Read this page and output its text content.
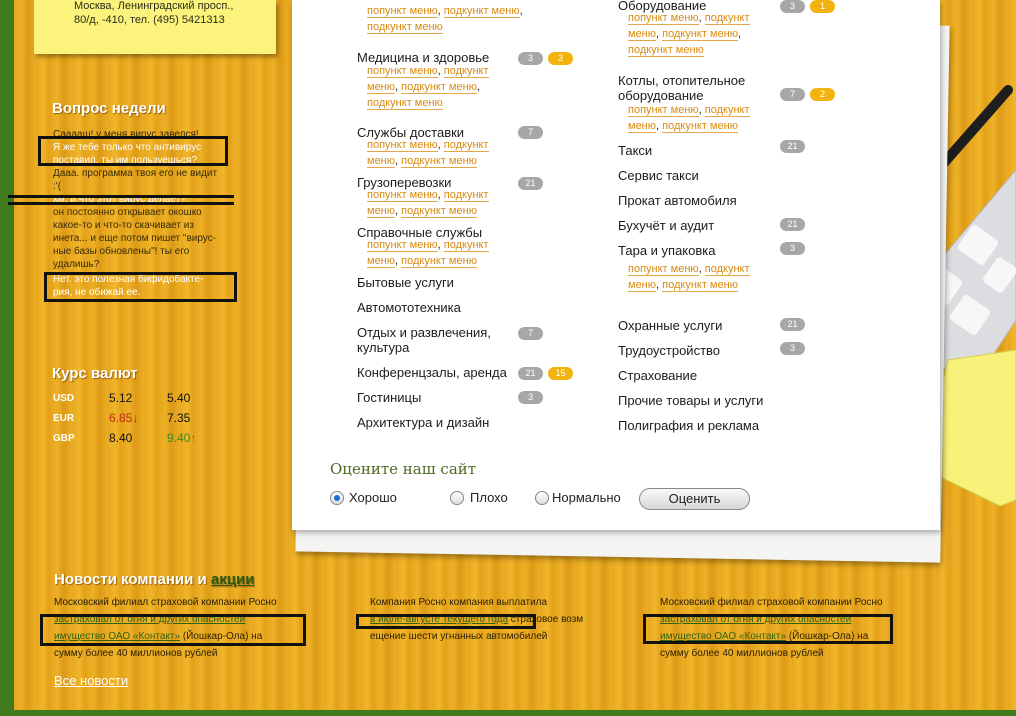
Москва, Ленинградский просп.,
80/д, -410, тел. (495) 5421313
Вопрос недели
Сааааш! у меня вирус завелся!
Я же тебе только что антивирус
поставил. ты им пользуешься?
Дааа. программа твоя его не видит
:'(
хм. и что этот вирус делает?
он постоянно открывает окошко
какое-то и что-то скачивает из
инета... и еще потом пишет "вирус-
ные базы обновлены"! ты его
удалишь?
Нет. это полезная бифидобакте-
рия, не обижай ее.
Курс валют
USD	5.12	5.40
EUR	6.85↓ 7.35
GBP	8.40	9.40↑
попункт меню, подкункт меню,
подкункт меню
Медицина и здоровье	3	3
попункт меню, подкункт
меню, подкункт меню,
подкункт меню
Службы доставки	7
попункт меню, подкункт
меню, подкункт меню
Грузоперевозки	21
попункт меню, подкункт
меню, подкункт меню
Справочные службы
попункт меню, подкункт
меню, подкункт меню
Бытовые услуги
Автомототехника
Отдых и развлечения,
культура
7
Конференцзалы, аренда	21	15
Гостиницы	3
Архитектура и дизайн
Оборудование	3	1
попункт меню, подкункт
меню, подкункт меню,
подкункт меню
Котлы, отопительное
оборудование	7	2
попункт меню, подкункт
меню, подкункт меню
Такси	21
Сервис такси
Прокат автомобиля
Бухучёт и аудит	21
Тара и упаковка	3
попункт меню, подкункт
меню, подкункт меню
Охранные услуги	21
Трудоустройство	3
Страхование
Прочие товары и услуги
Полиграфия и реклама
Оцените наш сайт
Хорошо	Плохо	Нормально	Оценить
Новости компании и акции
Московский филиал страховой компании Росно
застраховал от огня и других опасностей
имущество ОАО «Контакт» (Йошкар-Ола) на
сумму более 40 миллионов рублей
Компания Росно компания выплатила
в июле-августе текущего года страховое возм
ещение шести угнанных автомобилей
Московский филиал страховой компании Росно
застраховал от огня и других опасностей
имущество ОАО «Контакт» (Йошкар-Ола) на
сумму более 40 миллионов рублей
Все новости
